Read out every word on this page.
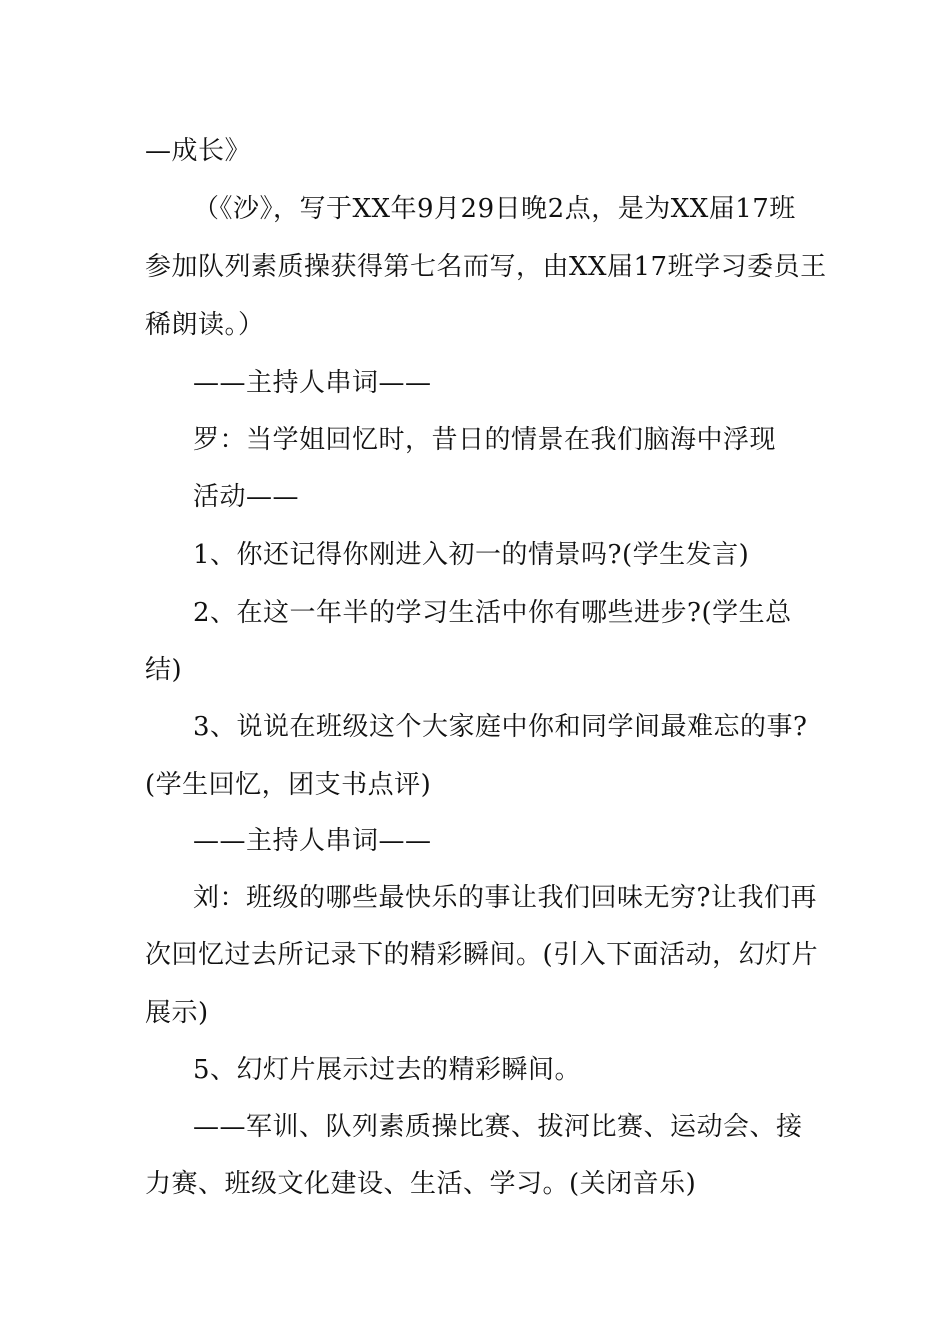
—成长》
（《沙》，写于XX年9月29日晚2点，是为XX届17班
参加队列素质操获得第七名而写，由XX届17班学习委员王
稀朗读。）
——主持人串词——
罗：当学姐回忆时，昔日的情景在我们脑海中浮现
活动——
1、你还记得你刚进入初一的情景吗?(学生发言)
2、在这一年半的学习生活中你有哪些进步?(学生总
结)
3、说说在班级这个大家庭中你和同学间最难忘的事?
(学生回忆，团支书点评)
——主持人串词——
刘：班级的哪些最快乐的事让我们回味无穷?让我们再
次回忆过去所记录下的精彩瞬间。(引入下面活动，幻灯片
展示)
5、幻灯片展示过去的精彩瞬间。
——军训、队列素质操比赛、拔河比赛、运动会、接
力赛、班级文化建设、生活、学习。(关闭音乐)
